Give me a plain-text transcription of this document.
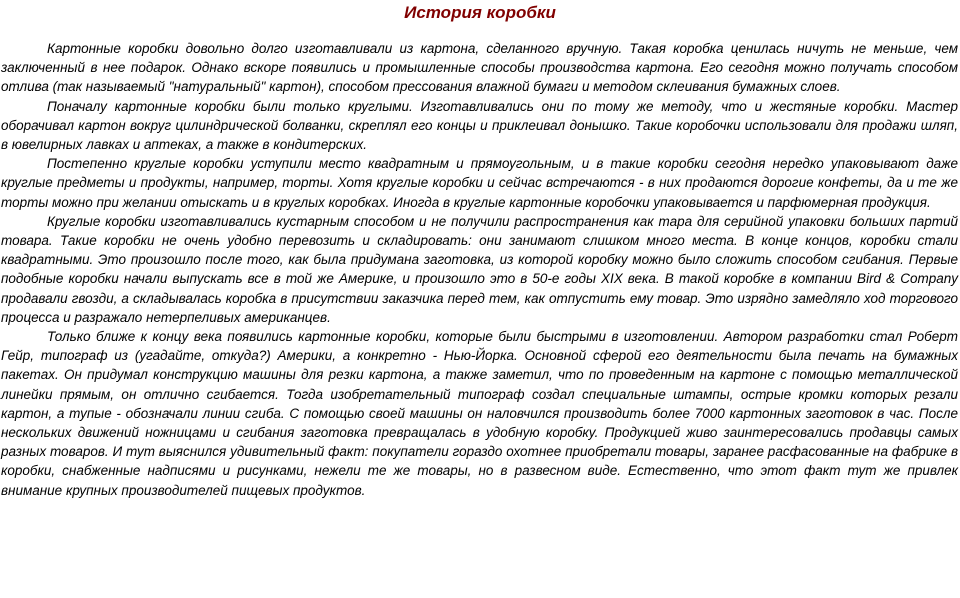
История коробки

Картонные коробки довольно долго изготавливали из картона, сделанного вручную. Такая коробка ценилась ничуть не меньше, чем заключенный в нее подарок. Однако вскоре появились и промышленные способы производства картона. Его сегодня можно получать способом отлива (так называемый "натуральный" картон), способом прессования влажной бумаги и методом склеивания бумажных слоев.

Поначалу картонные коробки были только круглыми. Изготавливались они по тому же методу, что и жестяные коробки. Мастер оборачивал картон вокруг цилиндрической болванки, скреплял его концы и приклеивал донышко. Такие коробочки использовали для продажи шляп, в ювелирных лавках и аптеках, а также в кондитерских.

Постепенно круглые коробки уступили место квадратным и прямоугольным, и в такие коробки сегодня нередко упаковывают даже круглые предметы и продукты, например, торты. Хотя круглые коробки и сейчас встречаются - в них продаются дорогие конфеты, да и те же торты можно при желании отыскать и в круглых коробках. Иногда в круглые картонные коробочки упаковывается и парфюмерная продукция.

Круглые коробки изготавливались кустарным способом и не получили распространения как тара для серийной упаковки больших партий товара. Такие коробки не очень удобно перевозить и складировать: они занимают слишком много места. В конце концов, коробки стали квадратными. Это произошло после того, как была придумана заготовка, из которой коробку можно было сложить способом сгибания. Первые подобные коробки начали выпускать все в той же Америке, и произошло это в 50-е годы XIX века. В такой коробке в компании Bird & Company продавали гвозди, а складывалась коробка в присутствии заказчика перед тем, как отпустить ему товар. Это изрядно замедляло ход торгового процесса и разражало нетерпеливых американцев.

Только ближе к концу века появились картонные коробки, которые были быстрыми в изготовлении. Автором разработки стал Роберт Гейр, типограф из (угадайте, откуда?) Америки, а конкретно - Нью-Йорка. Основной сферой его деятельности была печать на бумажных пакетах. Он придумал конструкцию машины для резки картона, а также заметил, что по проведенным на картоне с помощью металлической линейки прямым, он отлично сгибается. Тогда изобретательный типограф создал специальные штампы, острые кромки которых резали картон, а тупые - обозначали линии сгиба. С помощью своей машины он наловчился производить более 7000 картонных заготовок в час. После нескольких движений ножницами и сгибания заготовка превращалась в удобную коробку. Продукцией живо заинтересовались продавцы самых разных товаров. И тут выяснился удивительный факт: покупатели гораздо охотнее приобретали товары, заранее расфасованные на фабрике в коробки, снабженные надписями и рисунками, нежели те же товары, но в развесном виде. Естественно, что этот факт тут же привлек внимание крупных производителей пищевых продуктов.
